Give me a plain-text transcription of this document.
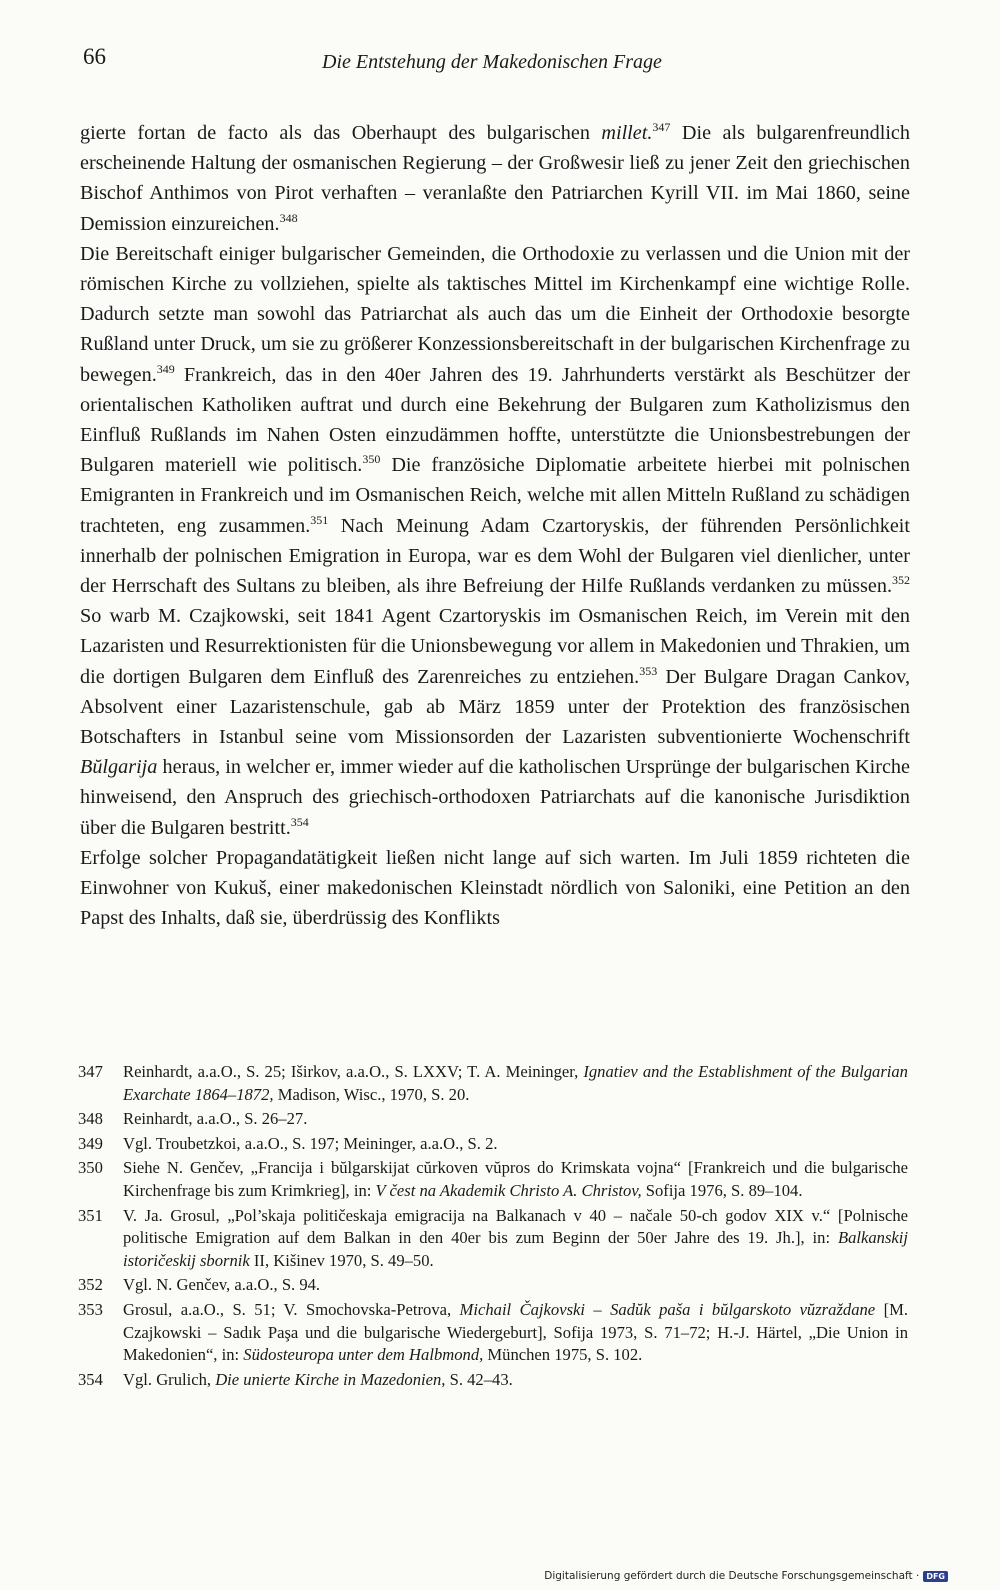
66	Die Entstehung der Makedonischen Frage

gierte fortan de facto als das Oberhaupt des bulgarischen millet.$^{347}$ Die als bulgarenfreundlich erscheinende Haltung der osmanischen Regierung – der Großwesir ließ zu jener Zeit den griechischen Bischof Anthimos von Pirot verhaften – veranlaßte den Patriarchen Kyrill VII. im Mai 1860, seine Demission einzureichen.$^{348}$

Die Bereitschaft einiger bulgarischer Gemeinden, die Orthodoxie zu verlassen und die Union mit der römischen Kirche zu vollziehen, spielte als taktisches Mittel im Kirchenkampf eine wichtige Rolle. Dadurch setzte man sowohl das Patriarchat als auch das um die Einheit der Orthodoxie besorgte Rußland unter Druck, um sie zu größerer Konzessionsbereitschaft in der bulgarischen Kirchenfrage zu bewegen.$^{349}$ Frankreich, das in den 40er Jahren des 19. Jahrhunderts verstärkt als Beschützer der orientalischen Katholiken auftrat und durch eine Bekehrung der Bulgaren zum Katholizismus den Einfluß Rußlands im Nahen Osten einzudämmen hoffte, unterstützte die Unionsbestrebungen der Bulgaren materiell wie politisch.$^{350}$ Die französiche Diplomatie arbeitete hierbei mit polnischen Emigranten in Frankreich und im Osmanischen Reich, welche mit allen Mitteln Rußland zu schädigen trachteten, eng zusammen.$^{351}$ Nach Meinung Adam Czartoryskis, der führenden Persönlichkeit innerhalb der polnischen Emigration in Europa, war es dem Wohl der Bulgaren viel dienlicher, unter der Herrschaft des Sultans zu bleiben, als ihre Befreiung der Hilfe Rußlands verdanken zu müssen.$^{352}$ So warb M. Czajkowski, seit 1841 Agent Czartoryskis im Osmanischen Reich, im Verein mit den Lazaristen und Resurrektionisten für die Unionsbewegung vor allem in Makedonien und Thrakien, um die dortigen Bulgaren dem Einfluß des Zarenreiches zu entziehen.$^{353}$ Der Bulgare Dragan Cankov, Absolvent einer Lazaristenschule, gab ab März 1859 unter der Protektion des französischen Botschafters in Istanbul seine vom Missionsorden der Lazaristen subventionierte Wochenschrift Bŭlgarija heraus, in welcher er, immer wieder auf die katholischen Ursprünge der bulgarischen Kirche hinweisend, den Anspruch des griechisch-orthodoxen Patriarchats auf die kanonische Jurisdiktion über die Bulgaren bestritt.$^{354}$

Erfolge solcher Propagandatätigkeit ließen nicht lange auf sich warten. Im Juli 1859 richteten die Einwohner von Kukuš, einer makedonischen Kleinstadt nördlich von Saloniki, eine Petition an den Papst des Inhalts, daß sie, überdrüssig des Konflikts

347	Reinhardt, a.a.O., S. 25; Iširkov, a.a.O., S. LXXV; T. A. Meininger, Ignatiev and the Establishment of the Bulgarian Exarchate 1864–1872, Madison, Wisc., 1970, S. 20.
348	Reinhardt, a.a.O., S. 26–27.
349	Vgl. Troubetzkoi, a.a.O., S. 197; Meininger, a.a.O., S. 2.
350	Siehe N. Genčev, „Francija i bŭlgarskijat cŭrkoven vŭpros do Krimskata vojna“ [Frankreich und die bulgarische Kirchenfrage bis zum Krimkrieg], in: V čest na Akademik Christo A. Christov, Sofija 1976, S. 89–104.
351	V. Ja. Grosul, „Pol’skaja političeskaja emigracija na Balkanach v 40 – načale 50-ch godov XIX v.“ [Polnische politische Emigration auf dem Balkan in den 40er bis zum Beginn der 50er Jahre des 19. Jh.], in: Balkanskij istoričeskij sbornik II, Kišinev 1970, S. 49–50.
352	Vgl. N. Genčev, a.a.O., S. 94.
353	Grosul, a.a.O., S. 51; V. Smochovska-Petrova, Michail Čajkovski – Sadŭk paša i bŭlgarskoto vŭzraždane [M. Czajkowski – Sadık Paşa und die bulgarische Wiedergeburt], Sofija 1973, S. 71–72; H.-J. Härtel, „Die Union in Makedonien“, in: Südosteuropa unter dem Halbmond, München 1975, S. 102.
354	Vgl. Grulich, Die unierte Kirche in Mazedonien, S. 42–43.
Digitalisierung gefördert durch die Deutsche Forschungsgemeinschaft · DFG
